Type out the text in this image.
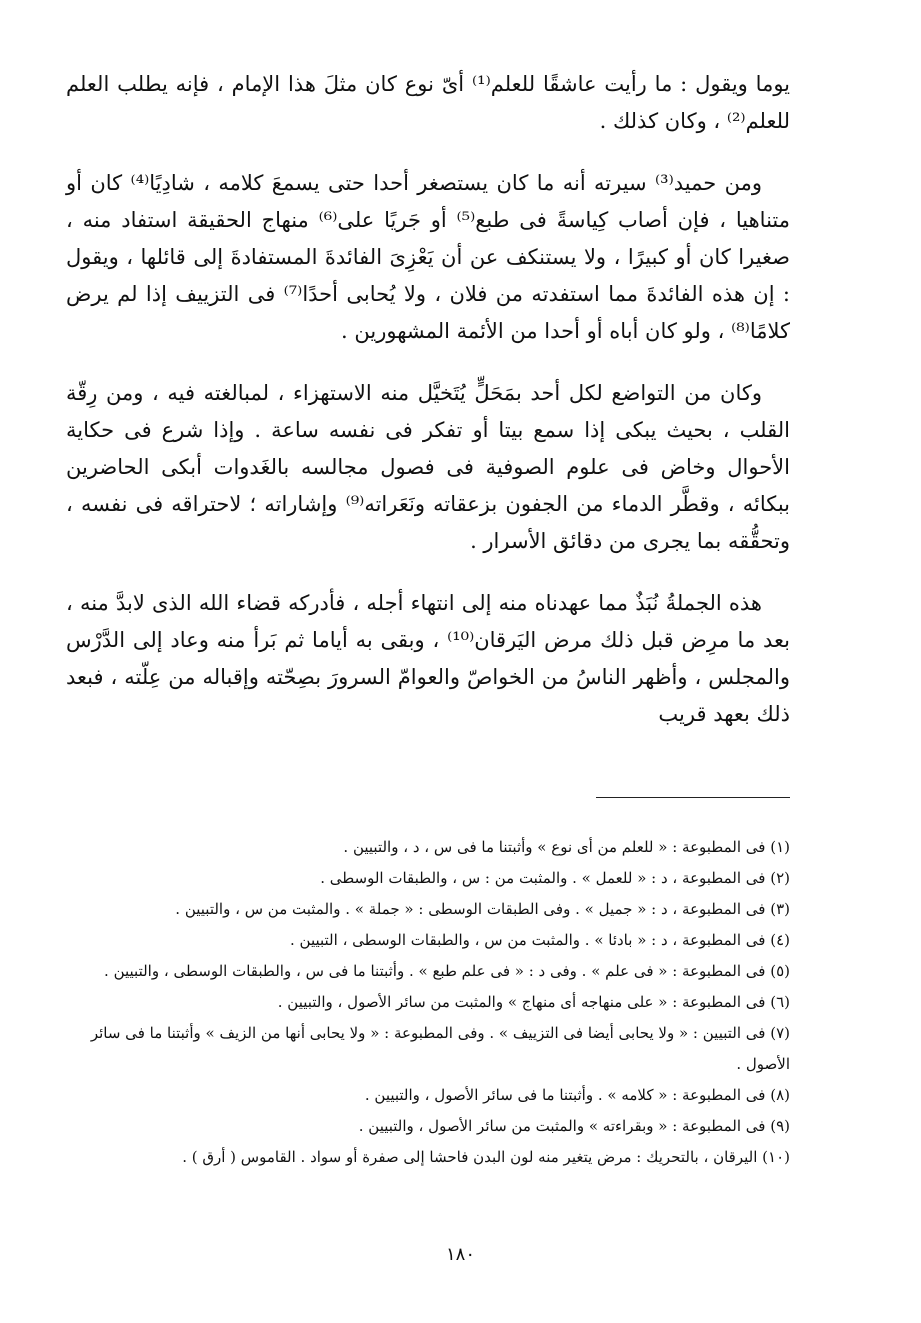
يوما ويقول : ما رأيت عاشقًا للعلم⁽¹⁾ أىّ نوع كان مثلَ هذا الإمام ، فإنه يطلب العلم للعلم⁽²⁾ ، وكان كذلك .

ومن حميد⁽³⁾ سيرته أنه ما كان يستصغر أحدا حتى يسمعَ كلامه ، شادِيًا⁽⁴⁾ كان أو متناهيا ، فإن أصاب كِياسةً فى طبع⁽⁵⁾ أو جَريًا على⁽⁶⁾ منهاج الحقيقة استفاد منه ، صغيرا كان أو كبيرًا ، ولا يستنكف عن أن يَعْزِىَ الفائدةَ المستفادةَ إلى قائلها ، ويقول : إن هذه الفائدةَ مما استفدته من فلان ، ولا يُحابى أحدًا⁽⁷⁾ فى التزييف إذا لم يرض كلامًا⁽⁸⁾ ، ولو كان أباه أو أحدا من الأئمة المشهورين .

وكان من التواضع لكل أحد بمَحَلٍّ يُتَخيَّل منه الاستهزاء ، لمبالغته فيه ، ومن رِقّة القلب ، بحيث يبكى إذا سمع بيتا أو تفكر فى نفسه ساعة . وإذا شرع فى حكاية الأحوال وخاض فى علوم الصوفية فى فصول مجالسه بالغَدوات أبكى الحاضرين ببكائه ، وقطَّر الدماء من الجفون بزعقاته ونَعَراته⁽⁹⁾ وإشاراته ؛ لاحتراقه فى نفسه ، وتحقُّقه بما يجرى من دقائق الأسرار .

هذه الجملةُ نُبَذٌ مما عهدناه منه إلى انتهاء أجله ، فأدركه قضاء الله الذى لابدَّ منه ، بعد ما مرِض قبل ذلك مرض اليَرقان⁽¹⁰⁾ ، وبقى به أياما ثم بَرأ منه وعاد إلى الدَّرْس والمجلس ، وأظهر الناسُ من الخواصّ والعوامّ السرورَ بصِحّته وإقباله من عِلّته ، فبعد ذلك بعهد قريب

(١) فى المطبوعة : « للعلم من أى نوع » وأثبتنا ما فى س ، د ، والتبيين .

(٢) فى المطبوعة ، د : « للعمل » . والمثبت من : س ، والطبقات الوسطى .

(٣) فى المطبوعة ، د : « جميل » . وفى الطبقات الوسطى : « جملة » . والمثبت من س ، والتبيين .

(٤) فى المطبوعة ، د : « بادئا » . والمثبت من س ، والطبقات الوسطى ، التبيين .

(٥) فى المطبوعة : « فى علم » . وفى د : « فى علم طبع » . وأثبتنا ما فى س ، والطبقات الوسطى ، والتبيين .

(٦) فى المطبوعة : « على منهاجه أى منهاج » والمثبت من سائر الأصول ، والتبيين .

(٧) فى التبيين : « ولا يحابى أيضا فى التزييف » . وفى المطبوعة : « ولا يحابى أنها من الزيف » وأثبتنا ما فى سائر الأصول .

(٨) فى المطبوعة : « كلامه » . وأثبتنا ما فى سائر الأصول ، والتبيين .

(٩) فى المطبوعة : « وبقراءته » والمثبت من سائر الأصول ، والتبيين .

(١٠) اليرقان ، بالتحريك : مرض يتغير منه لون البدن فاحشا إلى صفرة أو سواد . القاموس ( أرق ) .

١٨٠
